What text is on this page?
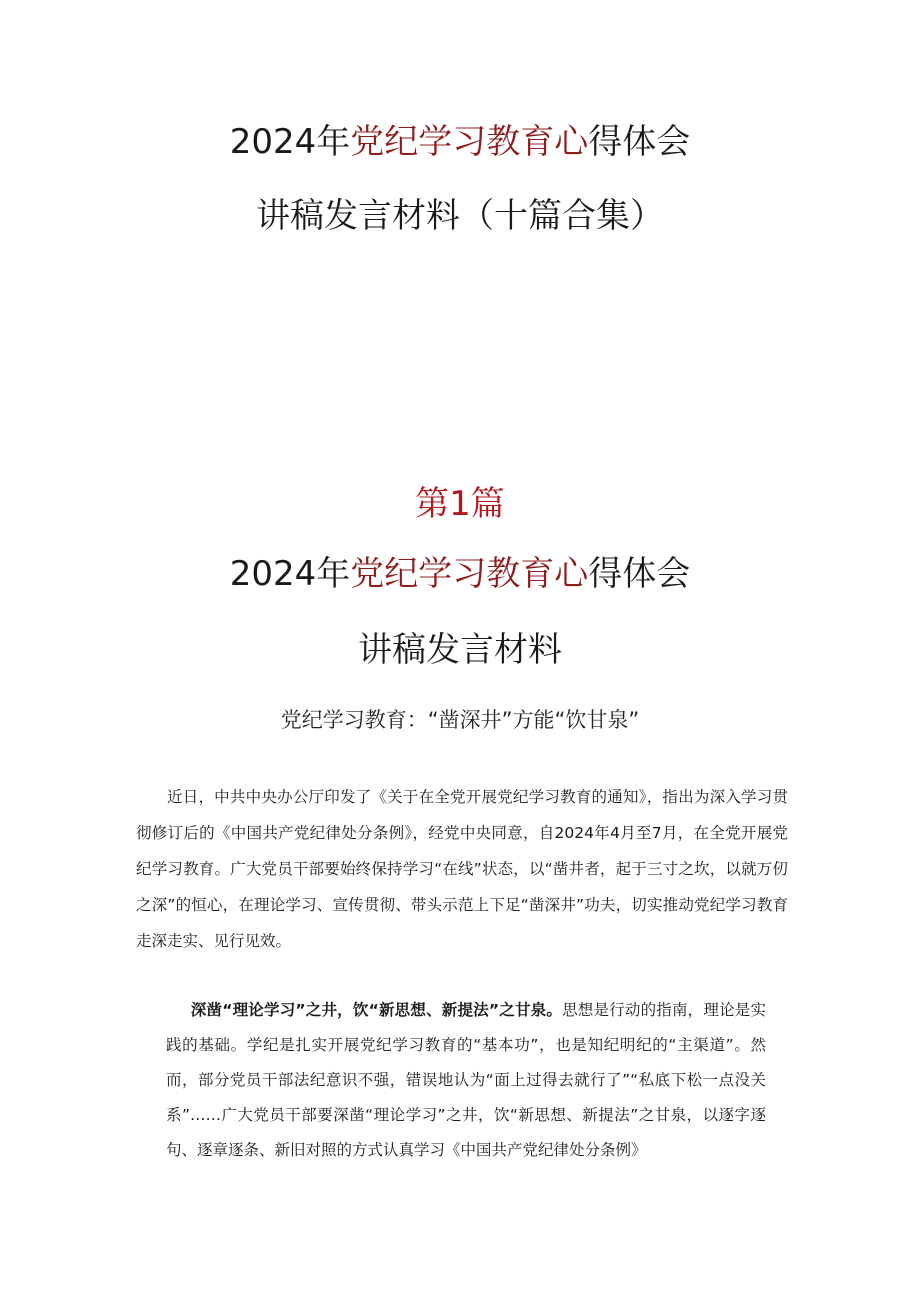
2024年党纪学习教育心得体会
讲稿发言材料（十篇合集）
第1篇
2024年党纪学习教育心得体会
讲稿发言材料
党纪学习教育：“凿深井”方能“饮甘泉”
近日，中共中央办公厅印发了《关于在全党开展党纪学习教育的通知》，指出为深入学习贯彻修订后的《中国共产党纪律处分条例》，经党中央同意，自2024年4月至7月，在全党开展党纪学习教育。广大党员干部要始终保持学习“在线”状态，以“凿井者，起于三寸之坎，以就万仞之深”的恒心，在理论学习、宣传贯彻、带头示范上下足“凿深井”功夫，切实推动党纪学习教育走深走实、见行见效。
深凿“理论学习”之井，饮“新思想、新提法”之甘泉。思想是行动的指南，理论是实践的基础。学纪是扎实开展党纪学习教育的“基本功”，也是知纪明纪的“主渠道”。然而，部分党员干部法纪意识不强，错误地认为“面上过得去就行了”“私底下松一点没关系”……广大党员干部要深凿“理论学习”之井，饮“新思想、新提法”之甘泉，以逐字逐句、逐章逐条、新旧对照的方式认真学习《中国共产党纪律处分条例》
